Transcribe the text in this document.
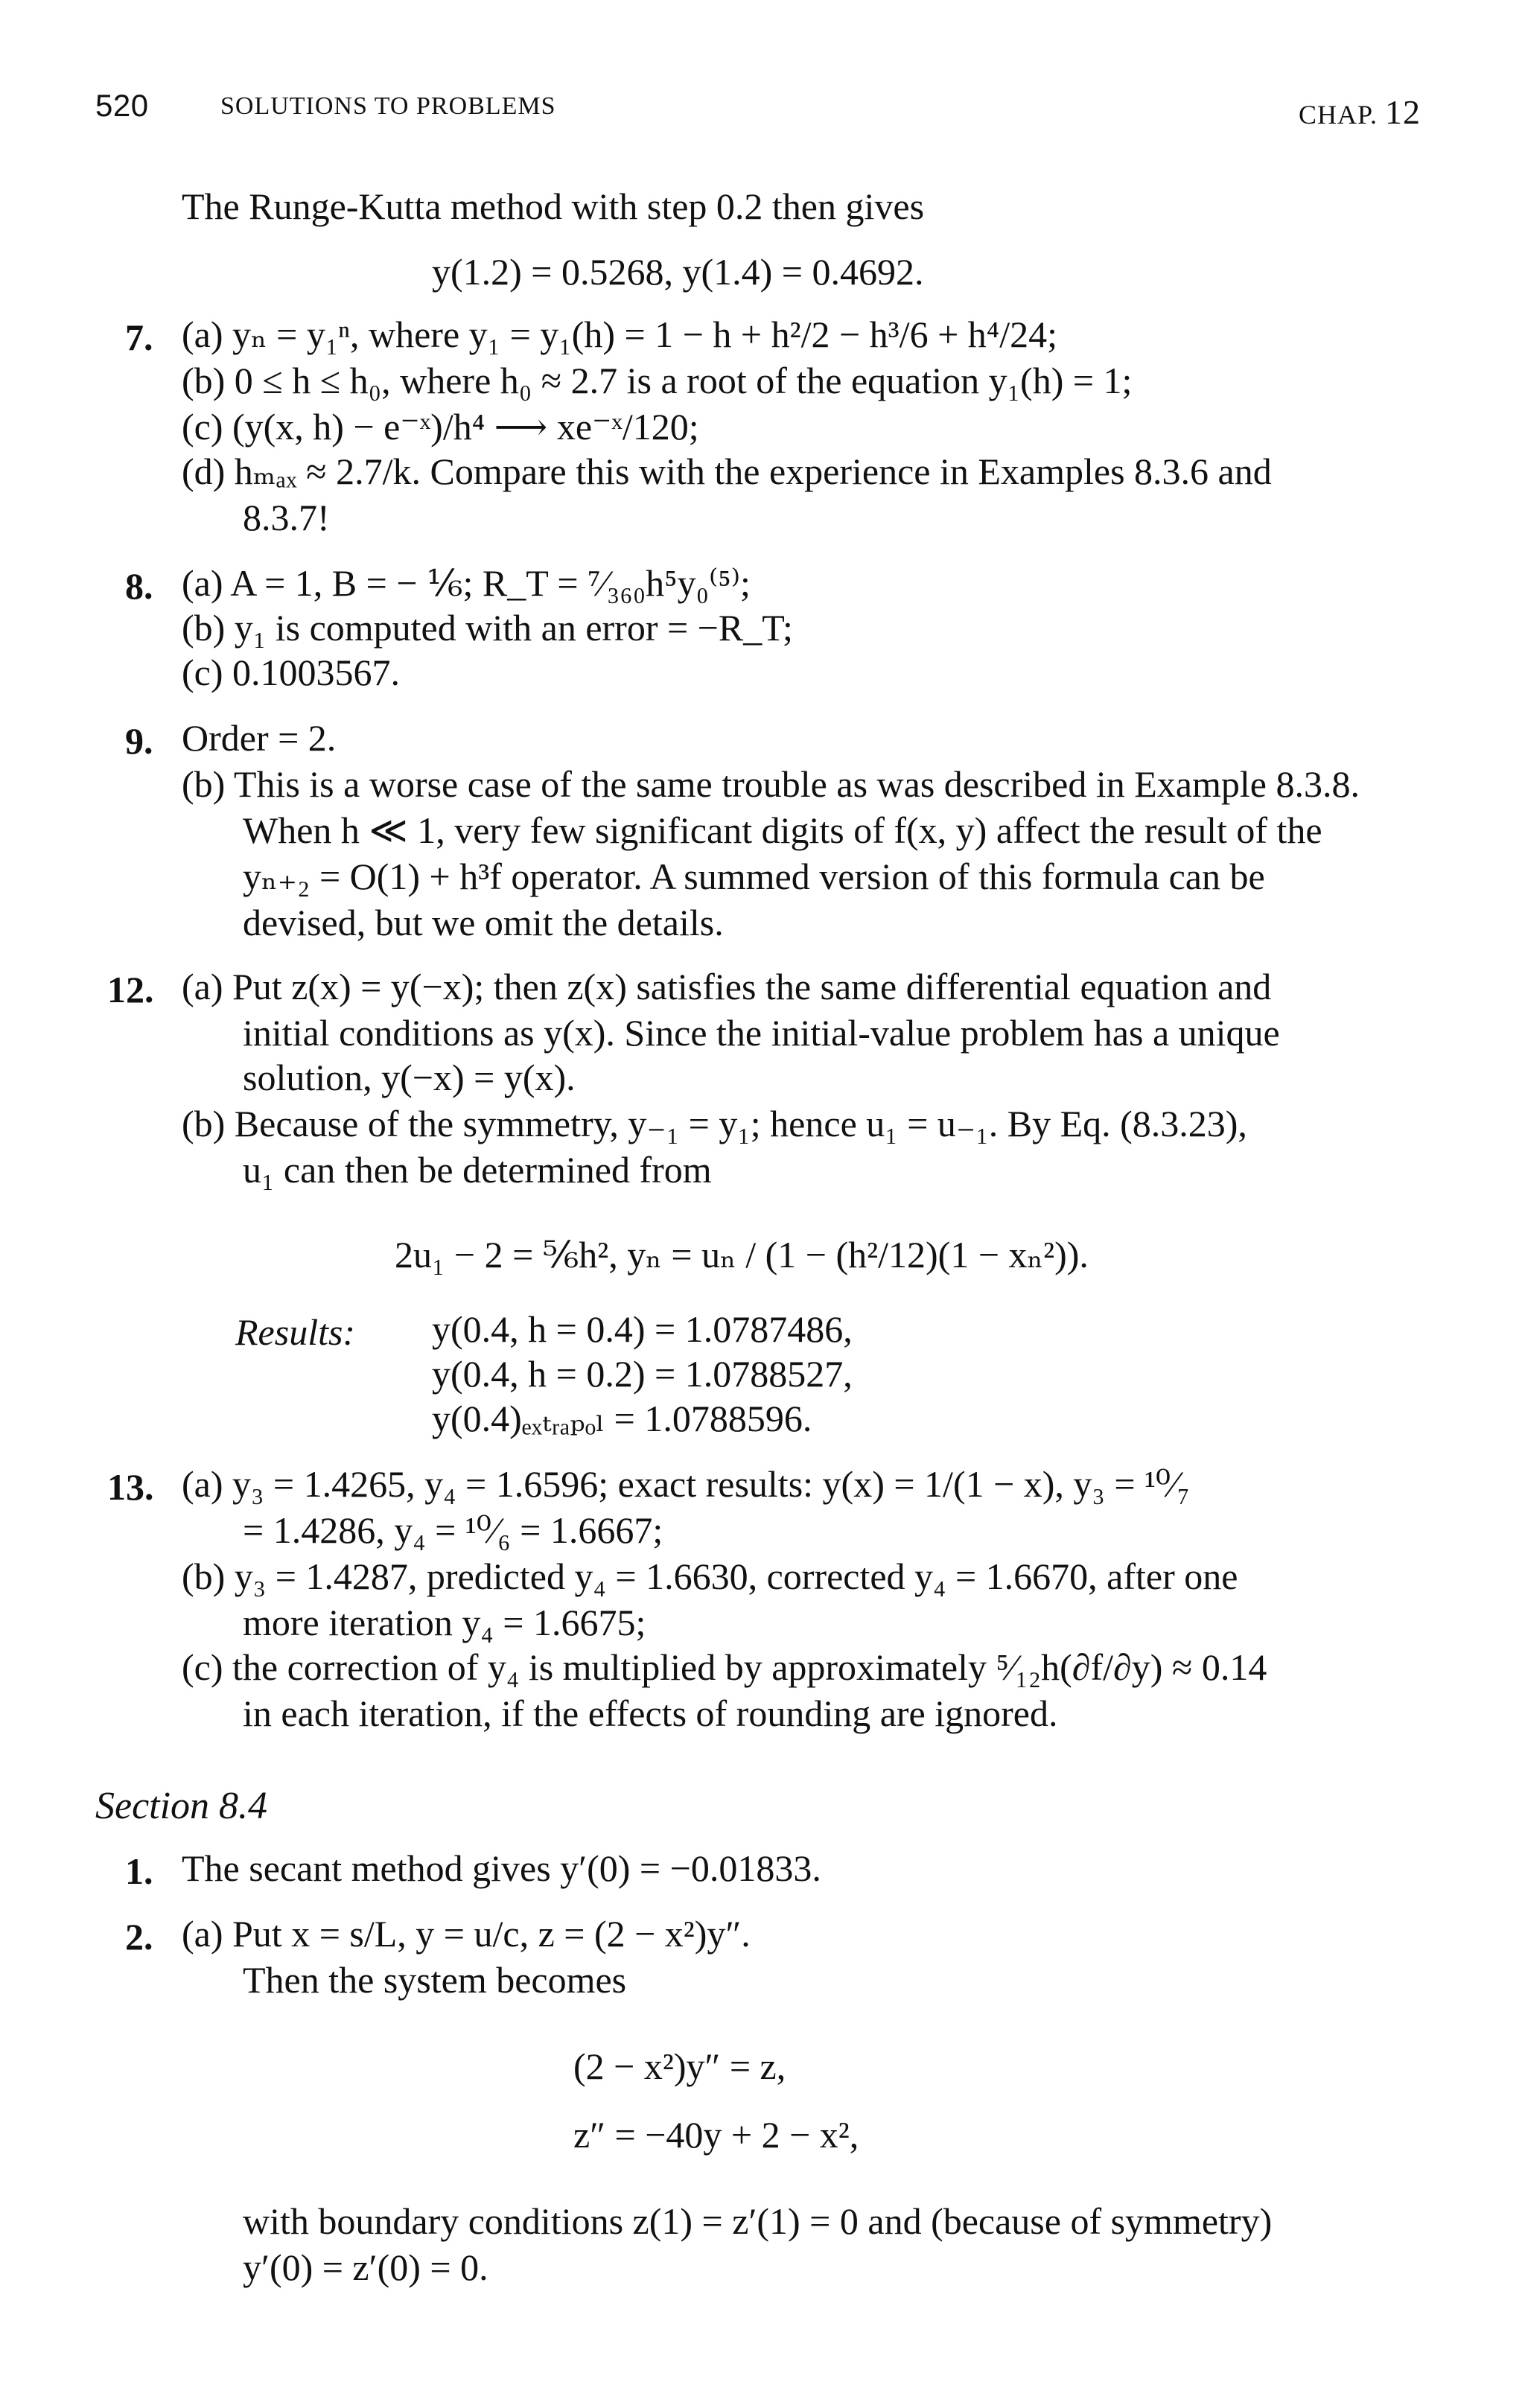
520	SOLUTIONS TO PROBLEMS	CHAP. 12
The Runge-Kutta method with step 0.2 then gives
y(1.2) = 0.5268, y(1.4) = 0.4692.
7. (a) yₙ = y₁ⁿ, where y₁ = y₁(h) = 1 − h + h²/2 − h³/6 + h⁴/24;
(b) 0 ≤ h ≤ h₀, where h₀ ≈ 2.7 is a root of the equation y₁(h) = 1;
(c) (y(x, h) − e⁻ˣ)/h⁴ ⟶ xe⁻ˣ/120;
(d) hₘₐₓ ≈ 2.7/k. Compare this with the experience in Examples 8.3.6 and
8.3.7!
8. (a) A = 1, B = − ⅙; R_T = ⁷⁄₃₆₀h⁵y₀⁽⁵⁾;
(b) y₁ is computed with an error = −R_T;
(c) 0.1003567.
9. Order = 2.
(b) This is a worse case of the same trouble as was described in Example 8.3.8.
When h ≪ 1, very few significant digits of f(x, y) affect the result of the
yₙ₊₂ = O(1) + h³f operator. A summed version of this formula can be
devised, but we omit the details.
12. (a) Put z(x) = y(−x); then z(x) satisfies the same differential equation and
initial conditions as y(x). Since the initial-value problem has a unique
solution, y(−x) = y(x).
(b) Because of the symmetry, y₋₁ = y₁; hence u₁ = u₋₁. By Eq. (8.3.23),
u₁ can then be determined from
2u₁ − 2 = ⅚h², yₙ = uₙ / (1 − (h²/12)(1 − xₙ²)).
Results: y(0.4, h = 0.4) = 1.0787486,
y(0.4, h = 0.2) = 1.0788527,
y(0.4)ₑₓₜᵣₐₚₒₗ = 1.0788596.
13. (a) y₃ = 1.4265, y₄ = 1.6596; exact results: y(x) = 1/(1 − x), y₃ = ¹⁰⁄₇
= 1.4286, y₄ = ¹⁰⁄₆ = 1.6667;
(b) y₃ = 1.4287, predicted y₄ = 1.6630, corrected y₄ = 1.6670, after one
more iteration y₄ = 1.6675;
(c) the correction of y₄ is multiplied by approximately ⁵⁄₁₂h(∂f/∂y) ≈ 0.14
in each iteration, if the effects of rounding are ignored.
Section 8.4
1. The secant method gives y′(0) = −0.01833.
2. (a) Put x = s/L, y = u/c, z = (2 − x²)y″.
Then the system becomes
(2 − x²)y″ = z,
z″ = −40y + 2 − x²,
with boundary conditions z(1) = z′(1) = 0 and (because of symmetry)
y′(0) = z′(0) = 0.
